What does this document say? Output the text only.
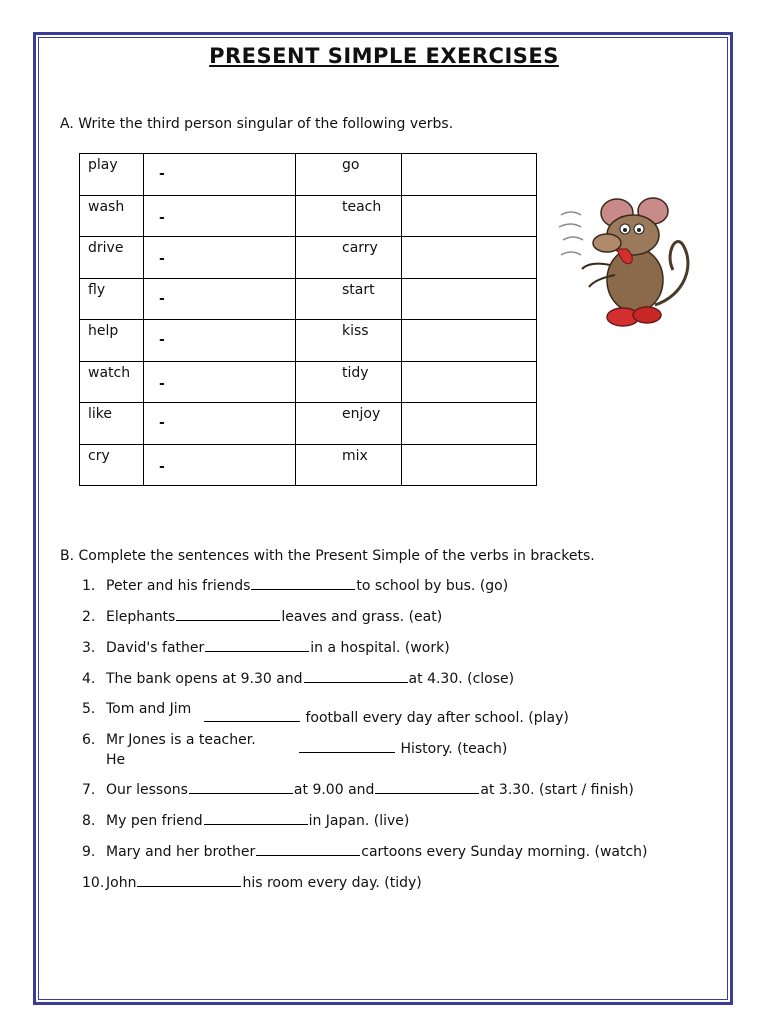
PRESENT SIMPLE EXERCISES
A. Write the third person singular of the following verbs.
play	-	go	
wash	-	teach	
drive	-	carry	
fly	-	start	
help	-	kiss	
watch	-	tidy	
like	-	enjoy	
cry	-	mix	
B. Complete the sentences with the Present Simple of the verbs in brackets.
1. Peter and his friends	to school by bus. (go)
2. Elephants	leaves and grass. (eat)
3. David's father	in a hospital. (work)
4. The bank opens at 9.30 and	at 4.30. (close)
5. Tom and Jim
football every day after school. (play)
6. Mr Jones is a teacher.
He
History. (teach)
7. Our lessons	at 9.00 and	at 3.30. (start / finish)
8. My pen friend	in Japan. (live)
9. Mary and her brother	cartoons every Sunday morning. (watch)
10. John	his room every day. (tidy)
